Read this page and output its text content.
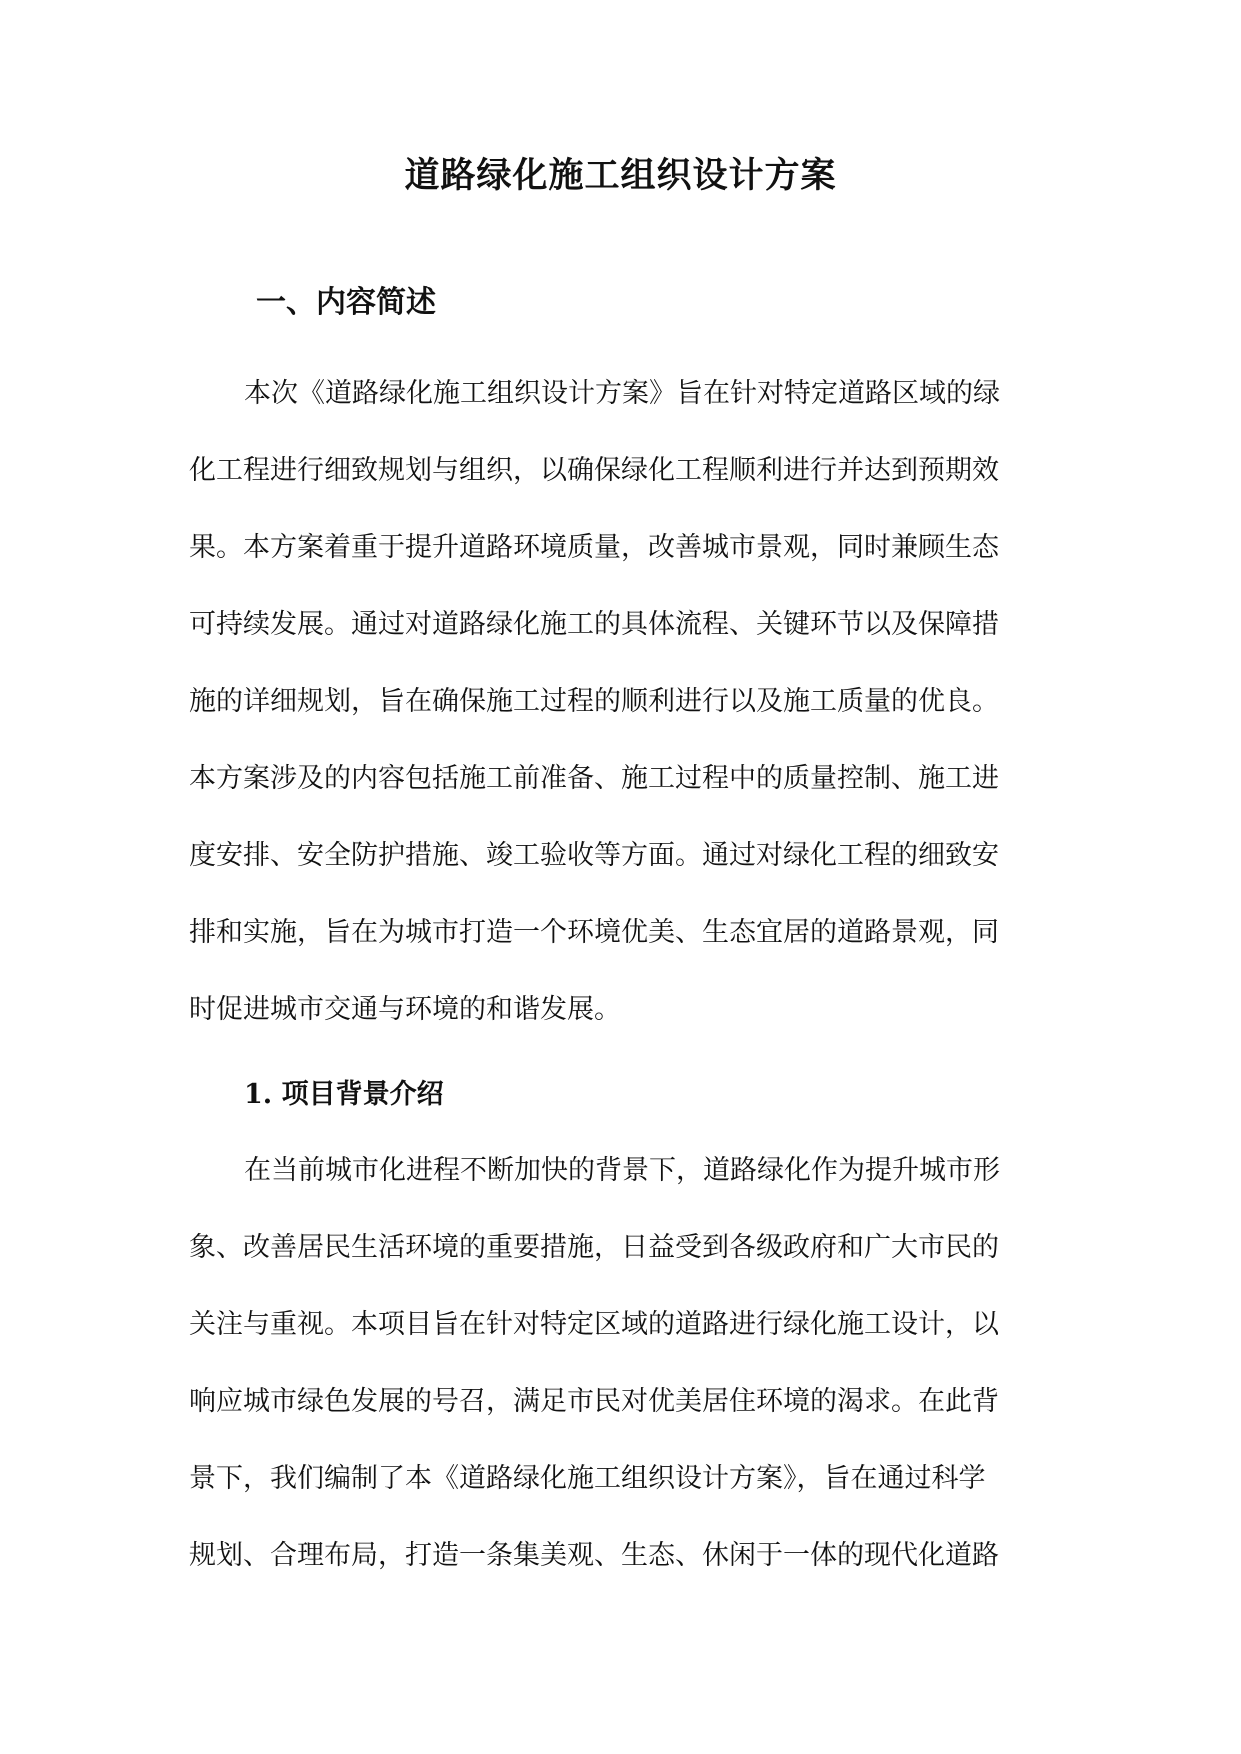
道路绿化施工组织设计方案
一、内容简述

本次《道路绿化施工组织设计方案》旨在针对特定道路区域的绿
化工程进行细致规划与组织，以确保绿化工程顺利进行并达到预期效
果。本方案着重于提升道路环境质量，改善城市景观，同时兼顾生态
可持续发展。通过对道路绿化施工的具体流程、关键环节以及保障措
施的详细规划，旨在确保施工过程的顺利进行以及施工质量的优良。
本方案涉及的内容包括施工前准备、施工过程中的质量控制、施工进
度安排、安全防护措施、竣工验收等方面。通过对绿化工程的细致安
排和实施，旨在为城市打造一个环境优美、生态宜居的道路景观，同
时促进城市交通与环境的和谐发展。

1. 项目背景介绍

在当前城市化进程不断加快的背景下，道路绿化作为提升城市形
象、改善居民生活环境的重要措施，日益受到各级政府和广大市民的
关注与重视。本项目旨在针对特定区域的道路进行绿化施工设计，以
响应城市绿色发展的号召，满足市民对优美居住环境的渴求。在此背
景下，我们编制了本《道路绿化施工组织设计方案》，旨在通过科学
规划、合理布局，打造一条集美观、生态、休闲于一体的现代化道路
